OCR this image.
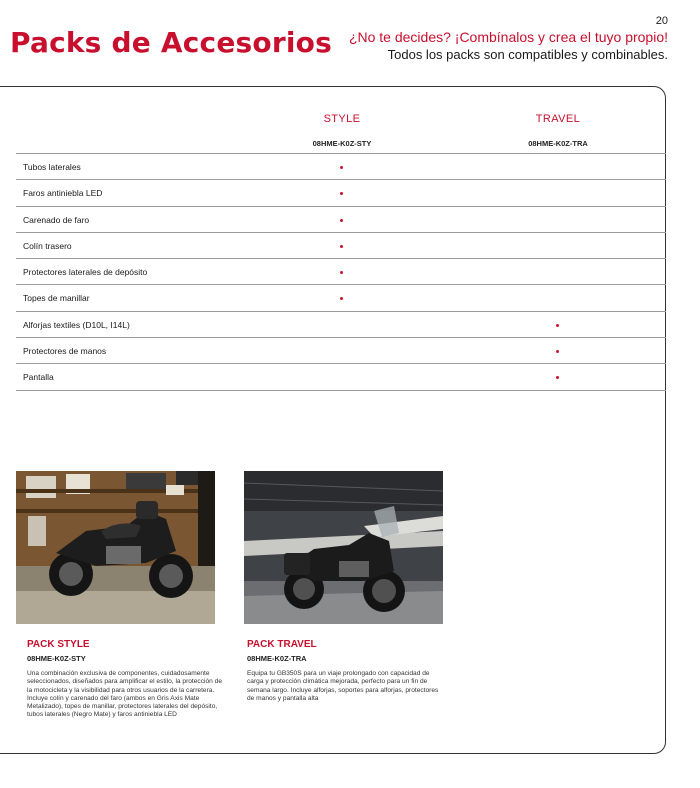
20
Packs de Accesorios ¿No te decides? ¡Combínalos y crea el tuyo propio!
Todos los packs son compatibles y combinables.
STYLE
08HME-K0Z-STY
TRAVEL
08HME-K0Z-TRA
Tubos laterales
Faros antiniebla LED
Carenado de faro
Colín trasero
Protectores laterales de depósito
Topes de manillar
Alforjas textiles (D10L, I14L)
Protectores de manos
Pantalla
PACK STYLE
08HME-K0Z-STY

Una combinación exclusiva de componentes, cuidadosamente seleccionados, diseñados para amplificar el estilo, la protección de la motocicleta y la visibilidad para otros usuarios de la carretera. Incluye colín y carenado del faro (ambos en Gris Axis Mate Metalizado), topes de manillar, protectores laterales del depósito, tubos laterales (Negro Mate) y faros antiniebla LED

PACK TRAVEL
08HME-K0Z-TRA

Equipa tu GB350S para un viaje prolongado con capacidad de carga y protección climática mejorada, perfecto para un fin de semana largo. Incluye alforjas, soportes para alforjas, protectores de manos y pantalla alta
